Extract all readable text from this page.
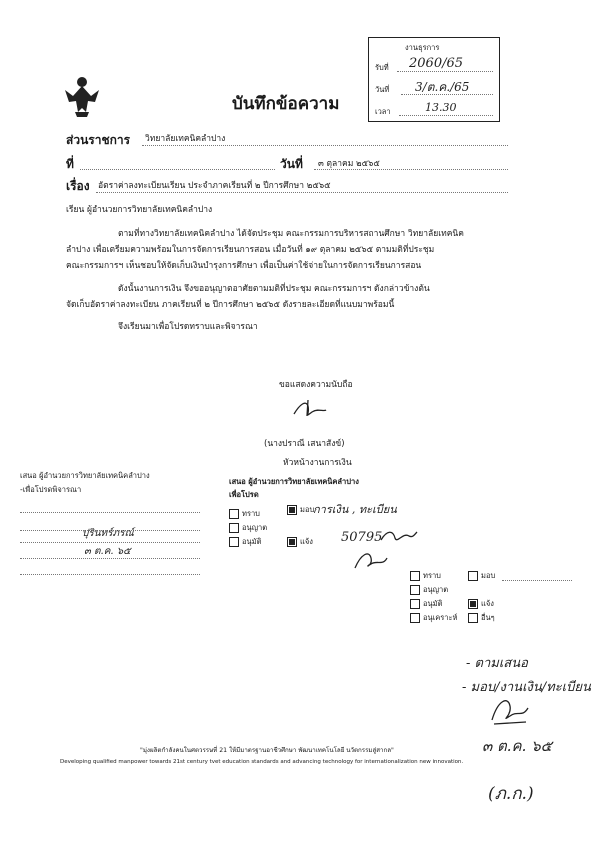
งานธุรการ
รับที่ 2060/65
วันที่ 3/ต.ค./65
เวลา	13.30
บันทึกข้อความ
ส่วนราชการ วิทยาลัยเทคนิคลำปาง
ที่	วันที่ ๓ ตุลาคม ๒๕๖๕
เรื่อง อัตราค่าลงทะเบียนเรียน ประจำภาคเรียนที่ ๒ ปีการศึกษา ๒๕๖๕
เรียน ผู้อำนวยการวิทยาลัยเทคนิคลำปาง
ตามที่ทางวิทยาลัยเทคนิคลำปาง ได้จัดประชุม คณะกรรมการบริหารสถานศึกษา วิทยาลัยเทคนิค
ลำปาง เพื่อเตรียมความพร้อมในการจัดการเรียนการสอน เมื่อวันที่ ๑๙ ตุลาคม ๒๕๖๕ ตามมติที่ประชุม
คณะกรรมการฯ เห็นชอบให้จัดเก็บเงินบำรุงการศึกษา เพื่อเป็นค่าใช้จ่ายในการจัดการเรียนการสอน
ดังนั้นงานการเงิน จึงขออนุญาตอาศัยตามมติที่ประชุม คณะกรรมการฯ ดังกล่าวข้างต้น
จัดเก็บอัตราค่าลงทะเบียน ภาคเรียนที่ ๒ ปีการศึกษา ๒๕๖๕ ดังรายละเอียดที่แนบมาพร้อมนี้
จึงเรียนมาเพื่อโปรดทราบและพิจารณา
ขอแสดงความนับถือ
(นางปราณี เสนาสังข์)
หัวหน้างานการเงิน
เสนอ ผู้อำนวยการวิทยาลัยเทคนิคลำปาง
-เพื่อโปรดพิจารณา
ปุรินทร์ภรณ์
๓ ต.ค. ๖๕
เสนอ ผู้อำนวยการวิทยาลัยเทคนิคลำปาง
เพื่อโปรด
ทราบ	มอบ
การเงิน , ทะเบียน
อนุญาต
อนุมัติ	แจ้ง 50795
ทราบ	มอบ
อนุญาต
อนุมัติ	แจ้ง
อนุเคราะห์	อื่นๆ
- ตามเสนอ
- มอบ/งานเงิน/ทะเบียน
๓ ต.ค. ๖๕
(ภ.ก.)
"มุ่งผลิตกำลังคนในศตวรรษที่ 21 ให้มีมาตรฐานอาชีวศึกษา พัฒนาเทคโนโลยี นวัตกรรมสู่สากล"
Developing qualified manpower towards 21st century tvet education standards and advancing technology for internationalization new innovation.
